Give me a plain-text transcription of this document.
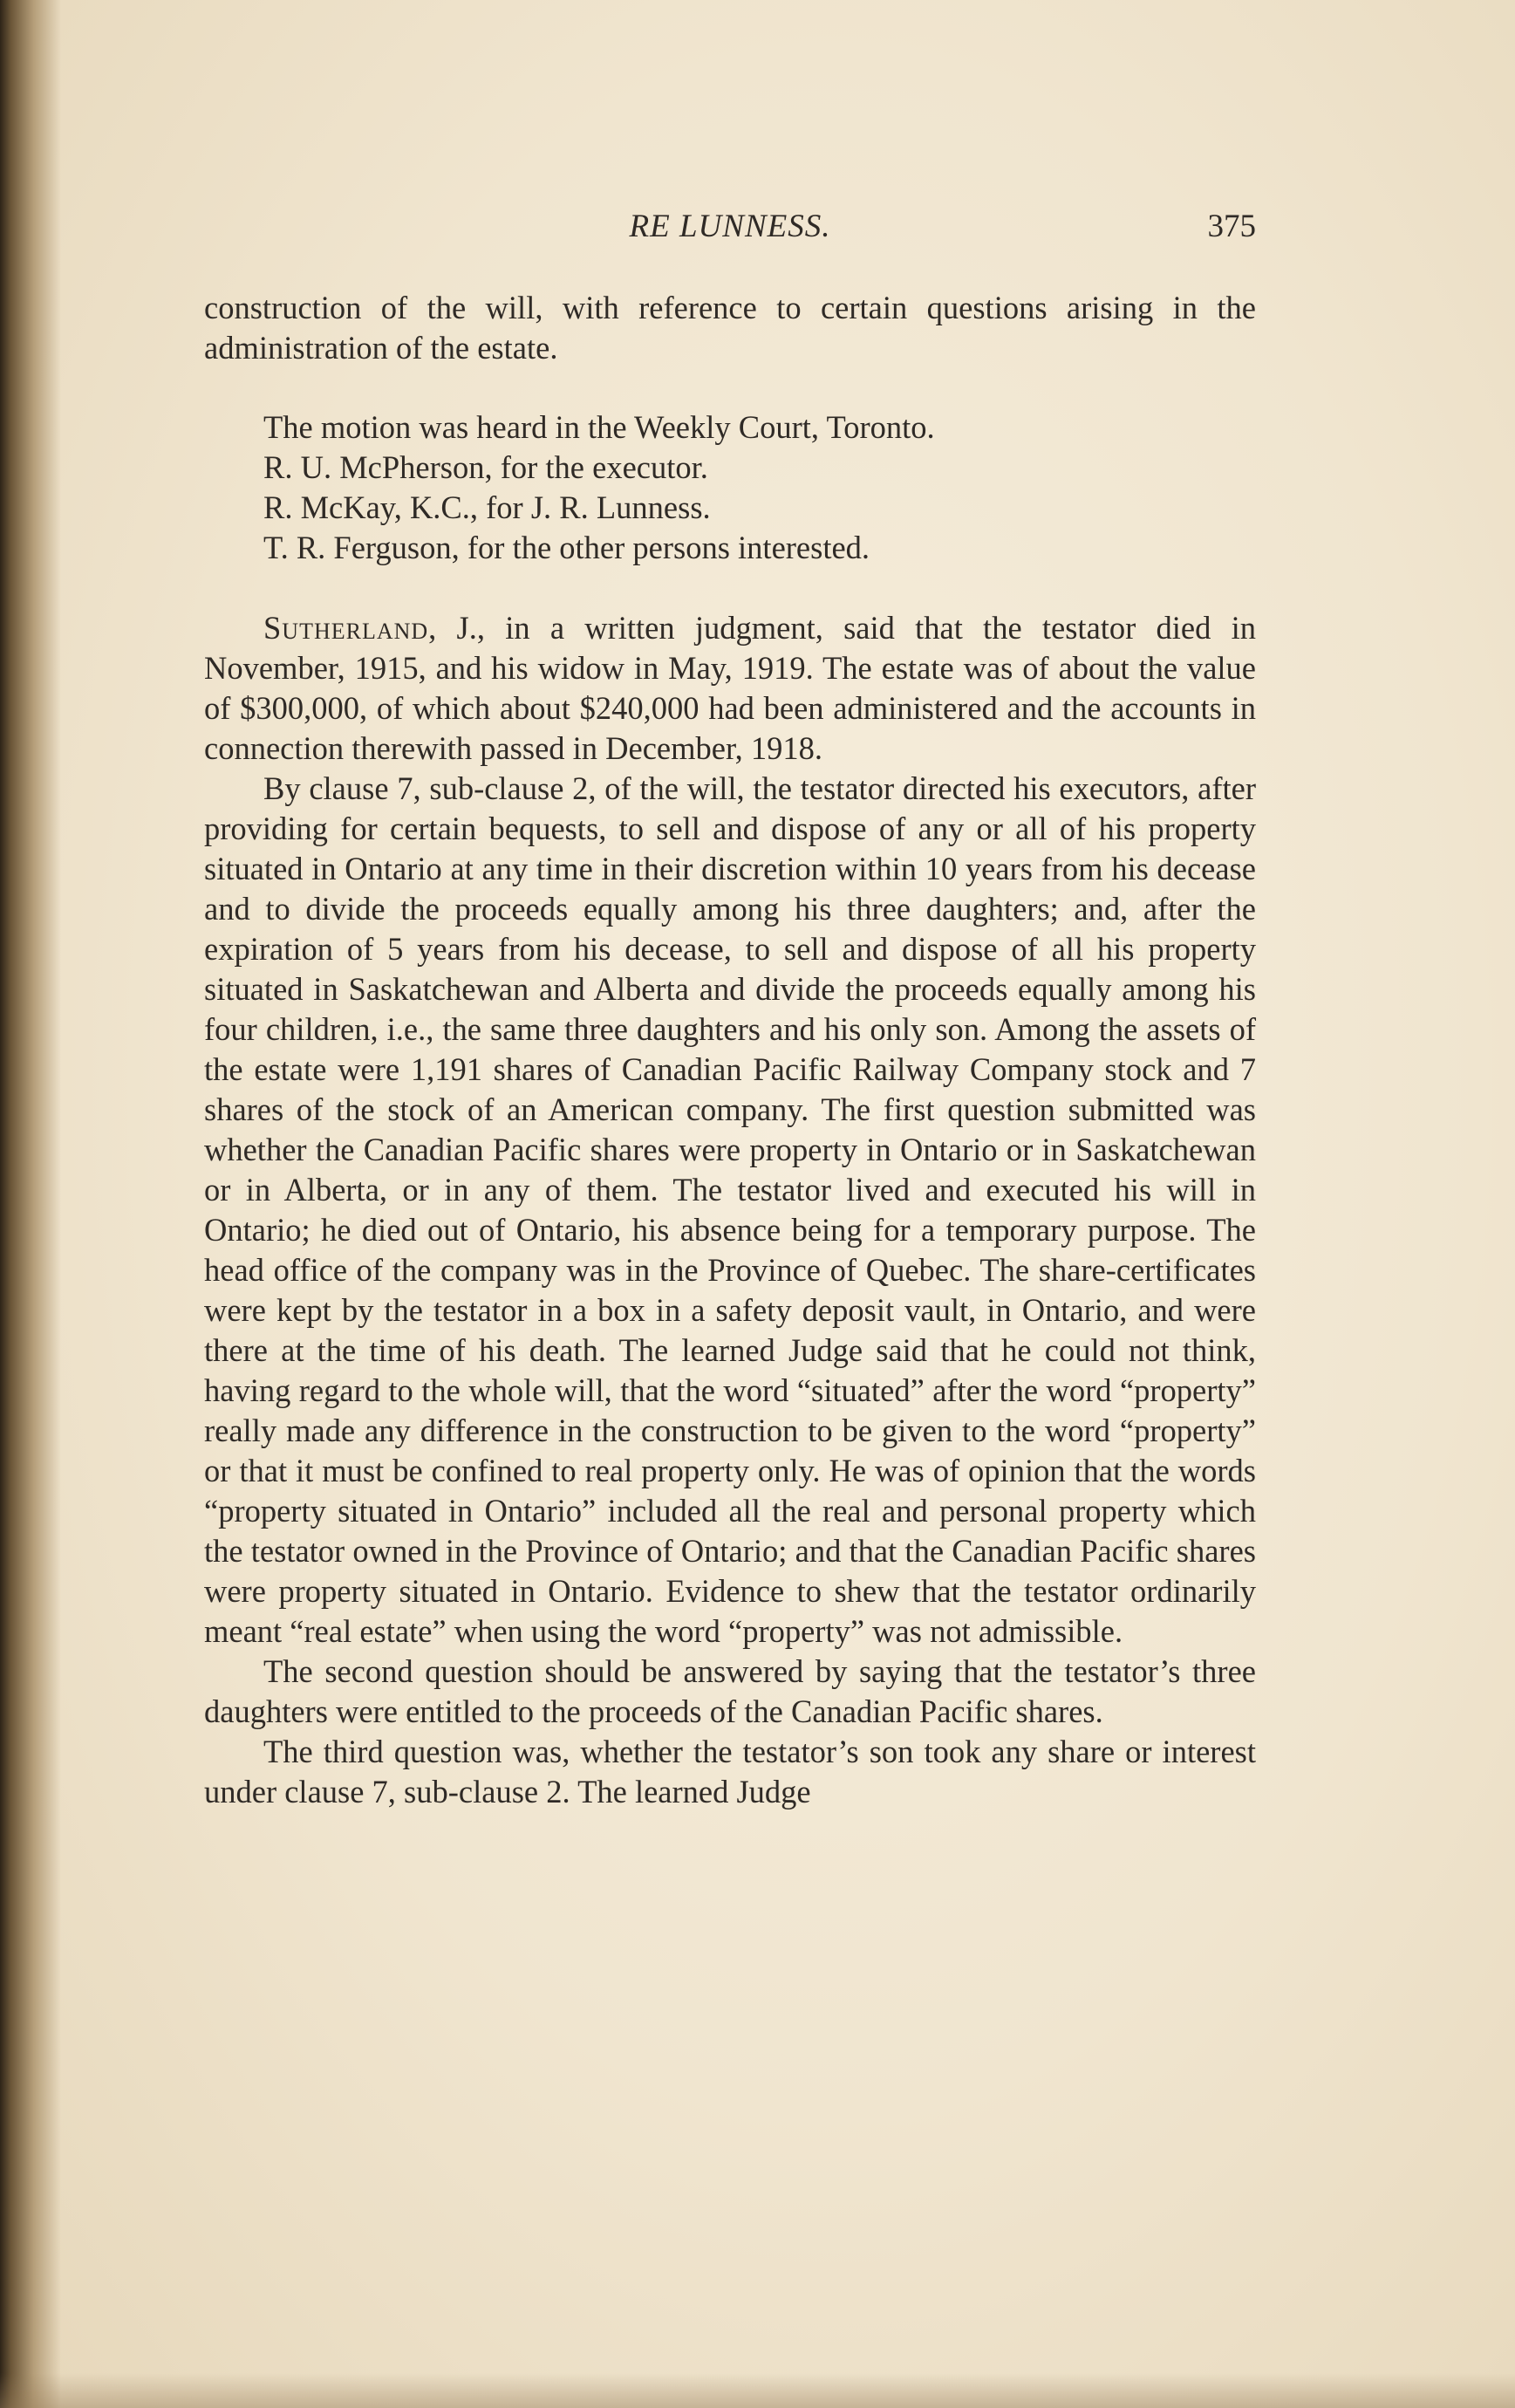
RE LUNNESS.	375

construction of the will, with reference to certain questions arising in the administration of the estate.

The motion was heard in the Weekly Court, Toronto.

R. U. McPherson, for the executor.

R. McKay, K.C., for J. R. Lunness.

T. R. Ferguson, for the other persons interested.

Sutherland, J., in a written judgment, said that the testator died in November, 1915, and his widow in May, 1919. The estate was of about the value of $300,000, of which about $240,000 had been administered and the accounts in connection therewith passed in December, 1918.

By clause 7, sub-clause 2, of the will, the testator directed his executors, after providing for certain bequests, to sell and dispose of any or all of his property situated in Ontario at any time in their discretion within 10 years from his decease and to divide the proceeds equally among his three daughters; and, after the expiration of 5 years from his decease, to sell and dispose of all his property situated in Saskatchewan and Alberta and divide the proceeds equally among his four children, i.e., the same three daughters and his only son. Among the assets of the estate were 1,191 shares of Canadian Pacific Railway Company stock and 7 shares of the stock of an American company. The first question submitted was whether the Canadian Pacific shares were property in Ontario or in Saskatchewan or in Alberta, or in any of them. The testator lived and executed his will in Ontario; he died out of Ontario, his absence being for a temporary purpose. The head office of the company was in the Province of Quebec. The share-certificates were kept by the testator in a box in a safety deposit vault, in Ontario, and were there at the time of his death. The learned Judge said that he could not think, having regard to the whole will, that the word “situated” after the word “property” really made any difference in the construction to be given to the word “property” or that it must be confined to real property only. He was of opinion that the words “property situated in Ontario” included all the real and personal property which the testator owned in the Province of Ontario; and that the Canadian Pacific shares were property situated in Ontario. Evidence to shew that the testator ordinarily meant “real estate” when using the word “property” was not admissible.

The second question should be answered by saying that the testator’s three daughters were entitled to the proceeds of the Canadian Pacific shares.

The third question was, whether the testator’s son took any share or interest under clause 7, sub-clause 2. The learned Judge
